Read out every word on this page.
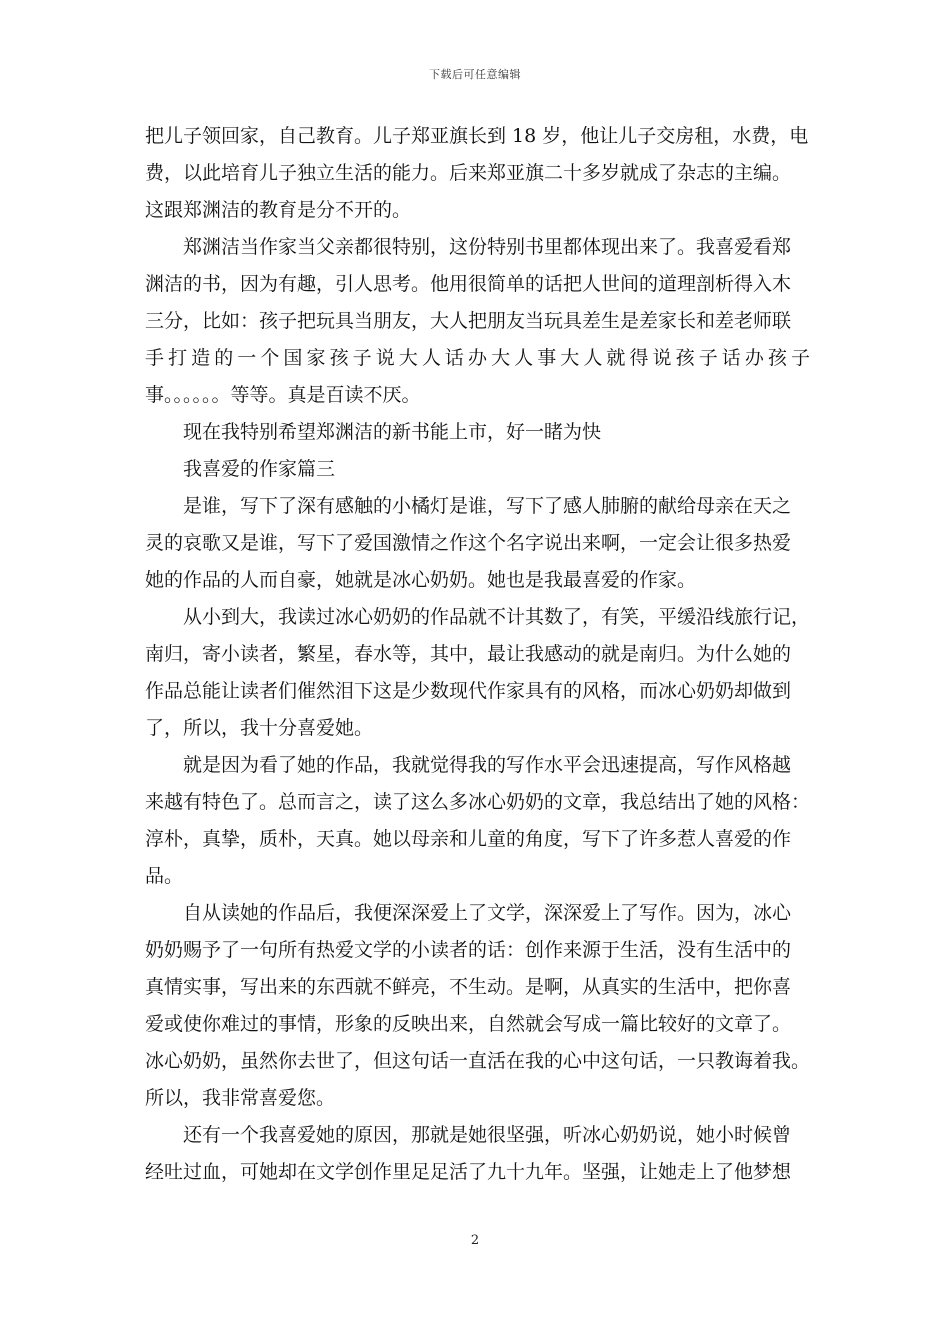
下载后可任意编辑
把儿子领回家，自己教育。儿子郑亚旗长到 18 岁，他让儿子交房租，水费，电
费，以此培育儿子独立生活的能力。后来郑亚旗二十多岁就成了杂志的主编。
这跟郑渊洁的教育是分不开的。
郑渊洁当作家当父亲都很特别，这份特别书里都体现出来了。我喜爱看郑
渊洁的书，因为有趣，引人思考。他用很简单的话把人世间的道理剖析得入木
三分，比如：孩子把玩具当朋友，大人把朋友当玩具差生是差家长和差老师联
手打造的一个国家孩子说大人话办大人事大人就得说孩子话办孩子
事。。。。。。等等。真是百读不厌。
现在我特别希望郑渊洁的新书能上市，好一睹为快
我喜爱的作家篇三
是谁，写下了深有感触的小橘灯是谁，写下了感人肺腑的献给母亲在天之
灵的哀歌又是谁，写下了爱国激情之作这个名字说出来啊，一定会让很多热爱
她的作品的人而自豪，她就是冰心奶奶。她也是我最喜爱的作家。
从小到大，我读过冰心奶奶的作品就不计其数了，有笑，平缓沿线旅行记，
南归，寄小读者，繁星，春水等，其中，最让我感动的就是南归。为什么她的
作品总能让读者们催然泪下这是少数现代作家具有的风格，而冰心奶奶却做到
了，所以，我十分喜爱她。
就是因为看了她的作品，我就觉得我的写作水平会迅速提高，写作风格越
来越有特色了。总而言之，读了这么多冰心奶奶的文章，我总结出了她的风格：
淳朴，真挚，质朴，天真。她以母亲和儿童的角度，写下了许多惹人喜爱的作
品。
自从读她的作品后，我便深深爱上了文学，深深爱上了写作。因为，冰心
奶奶赐予了一句所有热爱文学的小读者的话：创作来源于生活，没有生活中的
真情实事，写出来的东西就不鲜亮，不生动。是啊，从真实的生活中，把你喜
爱或使你难过的事情，形象的反映出来，自然就会写成一篇比较好的文章了。
冰心奶奶，虽然你去世了，但这句话一直活在我的心中这句话，一只教诲着我。
所以，我非常喜爱您。
还有一个我喜爱她的原因，那就是她很坚强，听冰心奶奶说，她小时候曾
经吐过血，可她却在文学创作里足足活了九十九年。坚强，让她走上了他梦想
2
